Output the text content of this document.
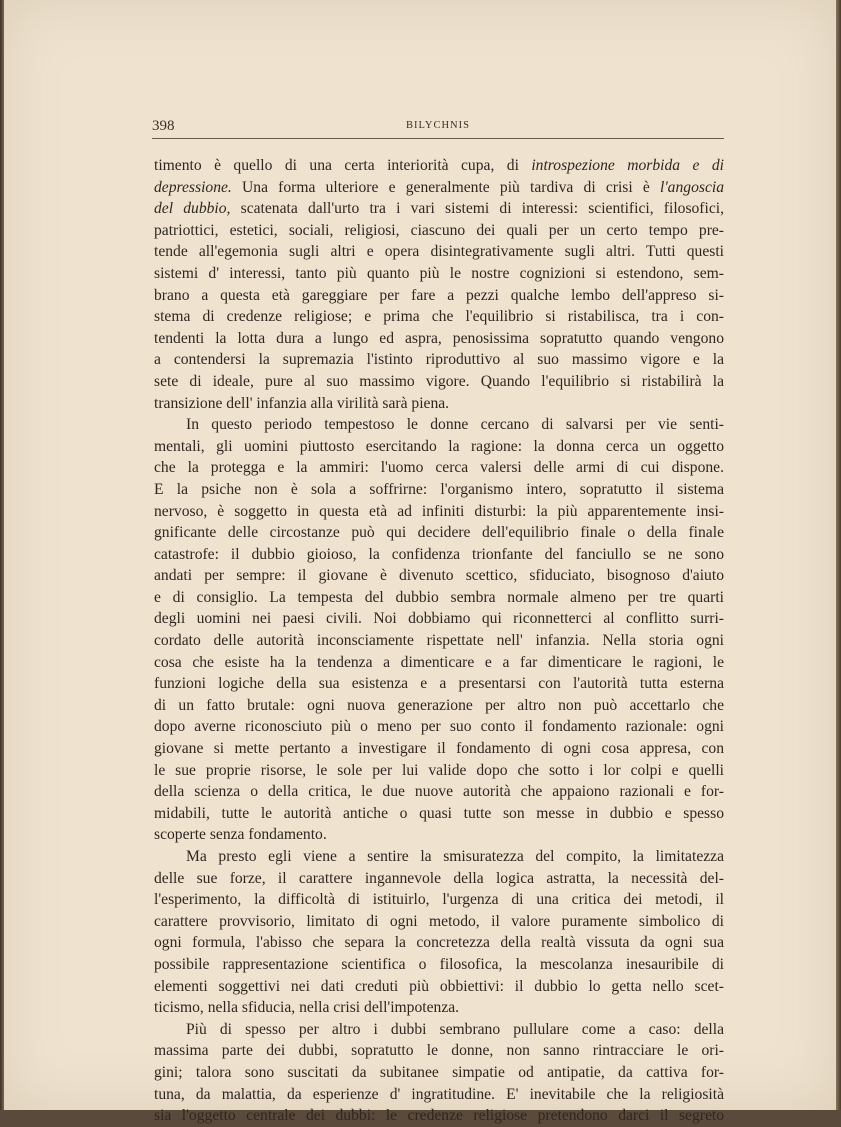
398	BILYCHNIS
timento è quello di una certa interiorità cupa, di introspezione morbida e di
depressione. Una forma ulteriore e generalmente più tardiva di crisi è l'angoscia
del dubbio, scatenata dall'urto tra i vari sistemi di interessi: scientifici, filosofici,
patriottici, estetici, sociali, religiosi, ciascuno dei quali per un certo tempo pre-
tende all'egemonia sugli altri e opera disintegrativamente sugli altri. Tutti questi
sistemi d' interessi, tanto più quanto più le nostre cognizioni si estendono, sem-
brano a questa età gareggiare per fare a pezzi qualche lembo dell'appreso si-
stema di credenze religiose; e prima che l'equilibrio si ristabilisca, tra i con-
tendenti la lotta dura a lungo ed aspra, penosissima sopratutto quando vengono
a contendersi la supremazia l'istinto riproduttivo al suo massimo vigore e la
sete di ideale, pure al suo massimo vigore. Quando l'equilibrio si ristabilirà la
transizione dell' infanzia alla virilità sarà piena.
In questo periodo tempestoso le donne cercano di salvarsi per vie senti-
mentali, gli uomini piuttosto esercitando la ragione: la donna cerca un oggetto
che la protegga e la ammiri: l'uomo cerca valersi delle armi di cui dispone.
E la psiche non è sola a soffrirne: l'organismo intero, sopratutto il sistema
nervoso, è soggetto in questa età ad infiniti disturbi: la più apparentemente insi-
gnificante delle circostanze può qui decidere dell'equilibrio finale o della finale
catastrofe: il dubbio gioioso, la confidenza trionfante del fanciullo se ne sono
andati per sempre: il giovane è divenuto scettico, sfiduciato, bisognoso d'aiuto
e di consiglio. La tempesta del dubbio sembra normale almeno per tre quarti
degli uomini nei paesi civili. Noi dobbiamo qui riconnetterci al conflitto surri-
cordato delle autorità inconsciamente rispettate nell' infanzia. Nella storia ogni
cosa che esiste ha la tendenza a dimenticare e a far dimenticare le ragioni, le
funzioni logiche della sua esistenza e a presentarsi con l'autorità tutta esterna
di un fatto brutale: ogni nuova generazione per altro non può accettarlo che
dopo averne riconosciuto più o meno per suo conto il fondamento razionale: ogni
giovane si mette pertanto a investigare il fondamento di ogni cosa appresa, con
le sue proprie risorse, le sole per lui valide dopo che sotto i lor colpi e quelli
della scienza o della critica, le due nuove autorità che appaiono razionali e for-
midabili, tutte le autorità antiche o quasi tutte son messe in dubbio e spesso
scoperte senza fondamento.
Ma presto egli viene a sentire la smisuratezza del compito, la limitatezza
delle sue forze, il carattere ingannevole della logica astratta, la necessità del-
l'esperimento, la difficoltà di istituirlo, l'urgenza di una critica dei metodi, il
carattere provvisorio, limitato di ogni metodo, il valore puramente simbolico di
ogni formula, l'abisso che separa la concretezza della realtà vissuta da ogni sua
possibile rappresentazione scientifica o filosofica, la mescolanza inesauribile di
elementi soggettivi nei dati creduti più obbiettivi: il dubbio lo getta nello scet-
ticismo, nella sfiducia, nella crisi dell'impotenza.
Più di spesso per altro i dubbi sembrano pullulare come a caso: della
massima parte dei dubbi, sopratutto le donne, non sanno rintracciare le ori-
gini; talora sono suscitati da subitanee simpatie od antipatie, da cattiva for-
tuna, da malattia, da esperienze d' ingratitudine. E' inevitabile che la religiosità
sia l'oggetto centrale dei dubbi: le credenze religiose pretendono darci il segreto
